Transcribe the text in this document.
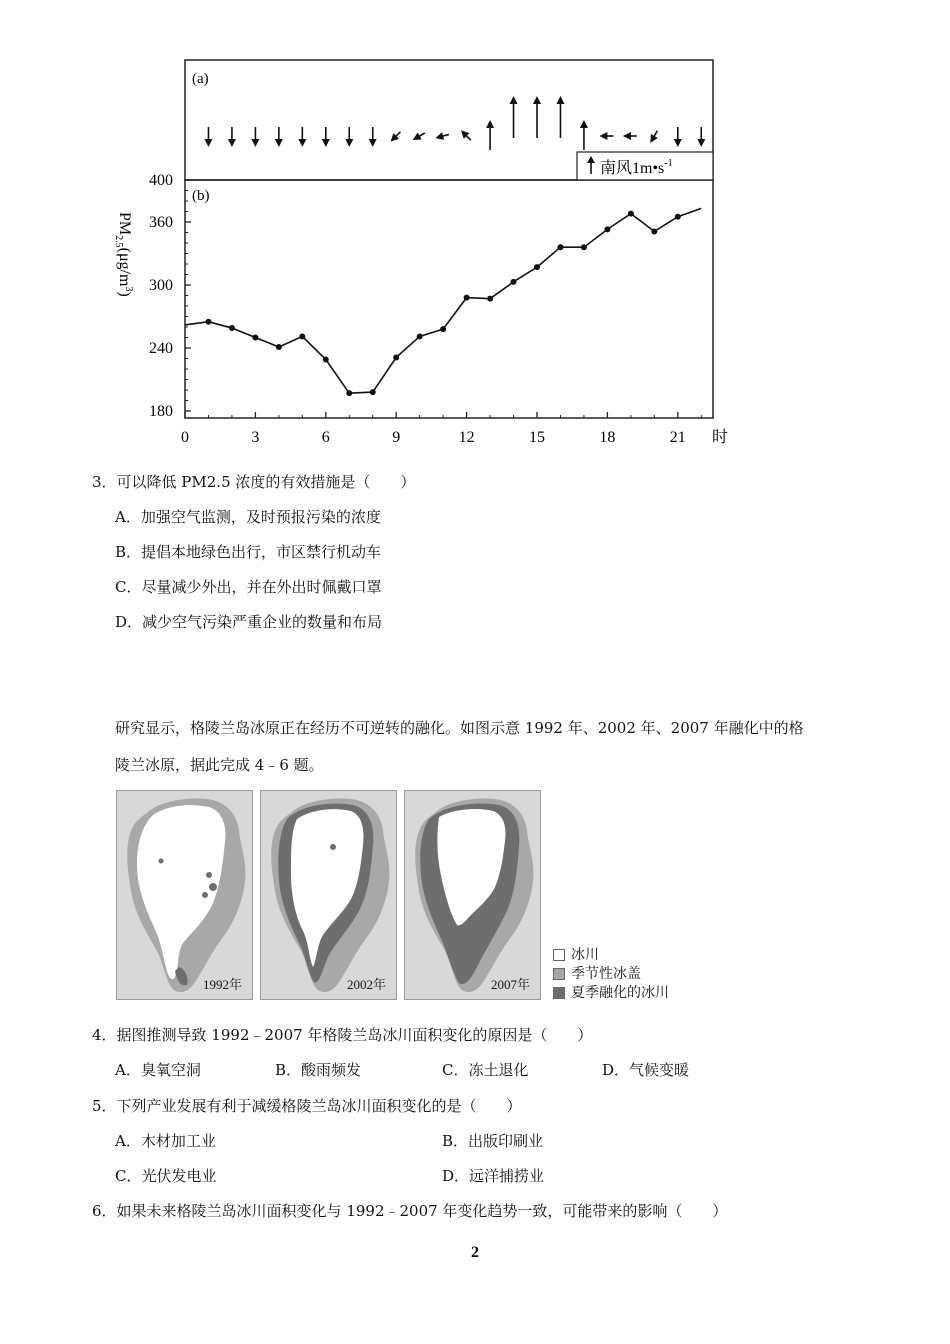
(a)
(b)
南风$1m•s^{-1}$
$PM_{2.5}(\mu g/m^3)$
180
240
300
360
400
0	3	6	9	12	15	18	21 时
3．可以降低 PM2.5 浓度的有效措施是（　　）
A．加强空气监测，及时预报污染的浓度
B．提倡本地绿色出行，市区禁行机动车
C．尽量减少外出，并在外出时佩戴口罩
D．减少空气污染严重企业的数量和布局
研究显示，格陵兰岛冰原正在经历不可逆转的融化。如图示意 1992 年、2002 年、2007 年融化中的格
陵兰冰原，据此完成 4﹣6 题。
1992年	2002年	2007年
冰川
季节性冰盖
夏季融化的冰川
4．据图推测导致 1992﹣2007 年格陵兰岛冰川面积变化的原因是（　　）
A．臭氧空洞	B．酸雨频发	C．冻土退化	D．气候变暖
5．下列产业发展有利于减缓格陵兰岛冰川面积变化的是（　　）
A．木材加工业	B．出版印刷业
C．光伏发电业	D．远洋捕捞业
6．如果未来格陵兰岛冰川面积变化与 1992﹣2007 年变化趋势一致，可能带来的影响（　　）
2
